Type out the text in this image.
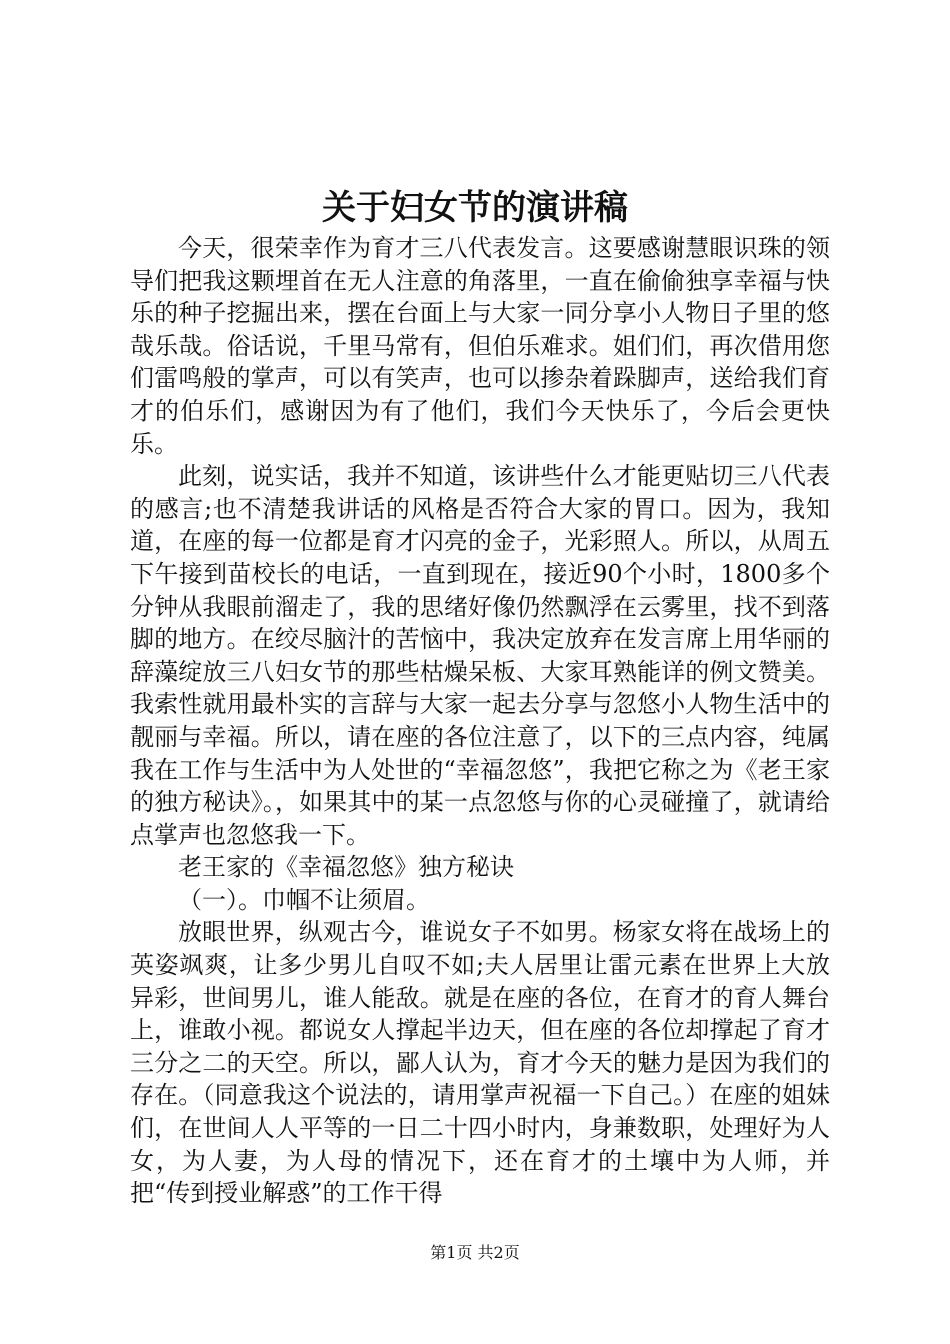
关于妇女节的演讲稿

今天，很荣幸作为育才三八代表发言。这要感谢慧眼识珠的领导们把我这颗埋首在无人注意的角落里，一直在偷偷独享幸福与快乐的种子挖掘出来，摆在台面上与大家一同分享小人物日子里的悠哉乐哉。俗话说，千里马常有，但伯乐难求。姐们们，再次借用您们雷鸣般的掌声，可以有笑声，也可以掺杂着跺脚声，送给我们育才的伯乐们，感谢因为有了他们，我们今天快乐了，今后会更快乐。

此刻，说实话，我并不知道，该讲些什么才能更贴切三八代表的感言;也不清楚我讲话的风格是否符合大家的胃口。因为，我知道，在座的每一位都是育才闪亮的金子，光彩照人。所以，从周五下午接到苗校长的电话，一直到现在，接近90个小时，1800多个分钟从我眼前溜走了，我的思绪好像仍然飘浮在云雾里，找不到落脚的地方。在绞尽脑汁的苦恼中，我决定放弃在发言席上用华丽的辞藻绽放三八妇女节的那些枯燥呆板、大家耳熟能详的例文赞美。我索性就用最朴实的言辞与大家一起去分享与忽悠小人物生活中的靓丽与幸福。所以，请在座的各位注意了，以下的三点内容，纯属我在工作与生活中为人处世的“幸福忽悠”，我把它称之为《老王家的独方秘诀》。，如果其中的某一点忽悠与你的心灵碰撞了，就请给点掌声也忽悠我一下。

老王家的《幸福忽悠》独方秘诀

（一）。巾帼不让须眉。

放眼世界，纵观古今，谁说女子不如男。杨家女将在战场上的英姿飒爽，让多少男儿自叹不如;夫人居里让雷元素在世界上大放异彩，世间男儿，谁人能敌。就是在座的各位，在育才的育人舞台上，谁敢小视。都说女人撑起半边天，但在座的各位却撑起了育才三分之二的天空。所以，鄙人认为，育才今天的魅力是因为我们的存在。（同意我这个说法的，请用掌声祝福一下自己。）在座的姐妹们，在世间人人平等的一日二十四小时内，身兼数职，处理好为人女，为人妻，为人母的情况下，还在育才的土壤中为人师，并把“传到授业解惑”的工作干得

第1页 共2页
